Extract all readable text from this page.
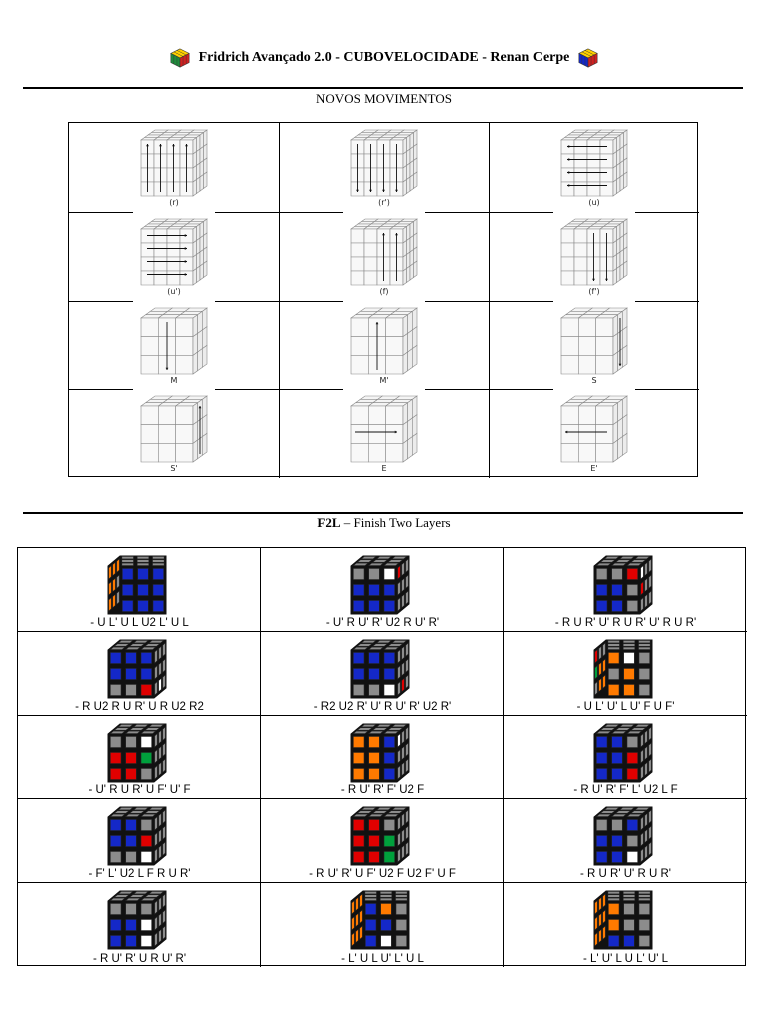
Fridrich Avançado 2.0 - CUBOVELOCIDADE - Renan Cerpe
NOVOS MOVIMENTOS
(r)	(r')	(u)
(u')	(f)	(f')
M	M'	S
S'	E	E'
F2L – Finish Two Layers
- U L' U L U2 L' U L	- U' R U' R' U2 R U' R'	- R U R' U' R U R' U' R U R'
- R U2 R U R' U R U2 R2	- R2 U2 R' U' R U' R' U2 R'	- U L' U' L U' F U F'
- U' R U R' U F' U' F	- R U' R' F' U2 F	- R U' R' F' L' U2 L F
- F' L' U2 L F R U R'	- R U' R' U F' U2 F U2 F' U F	- R U R' U' R U R'
- R U' R' U R U' R'	- L' U L U' L' U L	- L' U' L U L' U' L
